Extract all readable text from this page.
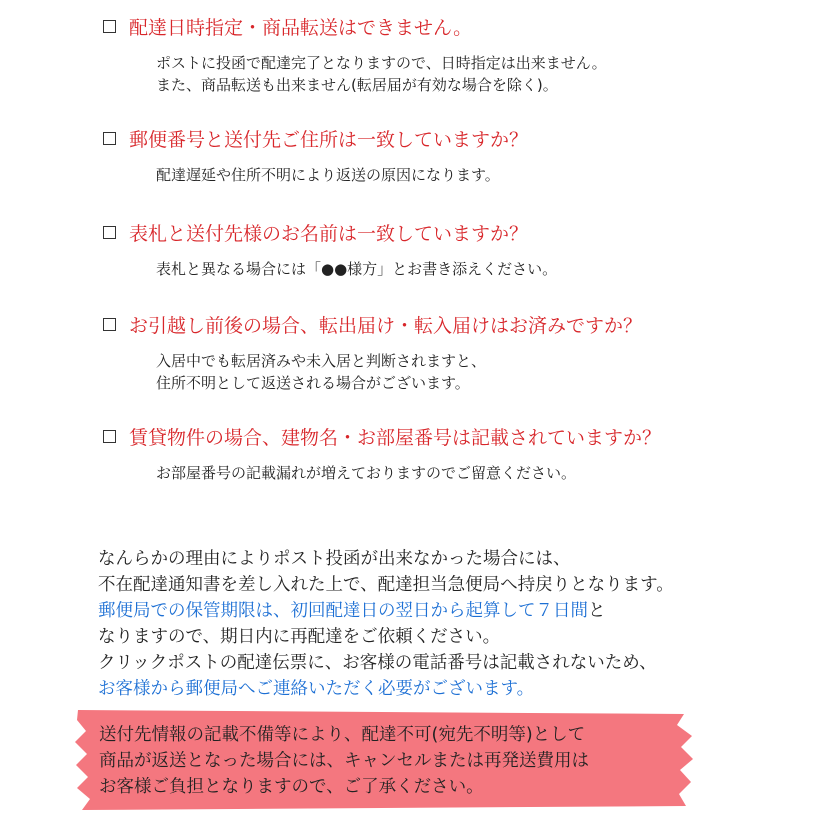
配達日時指定・商品転送はできません。
ポストに投函で配達完了となりますので、日時指定は出来ません。
また、商品転送も出来ません(転居届が有効な場合を除く)。
郵便番号と送付先ご住所は一致していますか？
配達遅延や住所不明により返送の原因になります。
表札と送付先様のお名前は一致していますか？
表札と異なる場合には「●●様方」とお書き添えください。
お引越し前後の場合、転出届け・転入届けはお済みですか？
入居中でも転居済みや未入居と判断されますと、
住所不明として返送される場合がございます。
賃貸物件の場合、建物名・お部屋番号は記載されていますか？
お部屋番号の記載漏れが増えておりますのでご留意ください。
なんらかの理由によりポスト投函が出来なかった場合には、
不在配達通知書を差し入れた上で、配達担当急便局へ持戻りとなります。
郵便局での保管期限は、初回配達日の翌日から起算して７日間と
なりますので、期日内に再配達をご依頼ください。
クリックポストの配達伝票に、お客様の電話番号は記載されないため、
お客様から郵便局へご連絡いただく必要がございます。
送付先情報の記載不備等により、配達不可(宛先不明等)として
商品が返送となった場合には、キャンセルまたは再発送費用は
お客様ご負担となりますので、ご了承ください。
